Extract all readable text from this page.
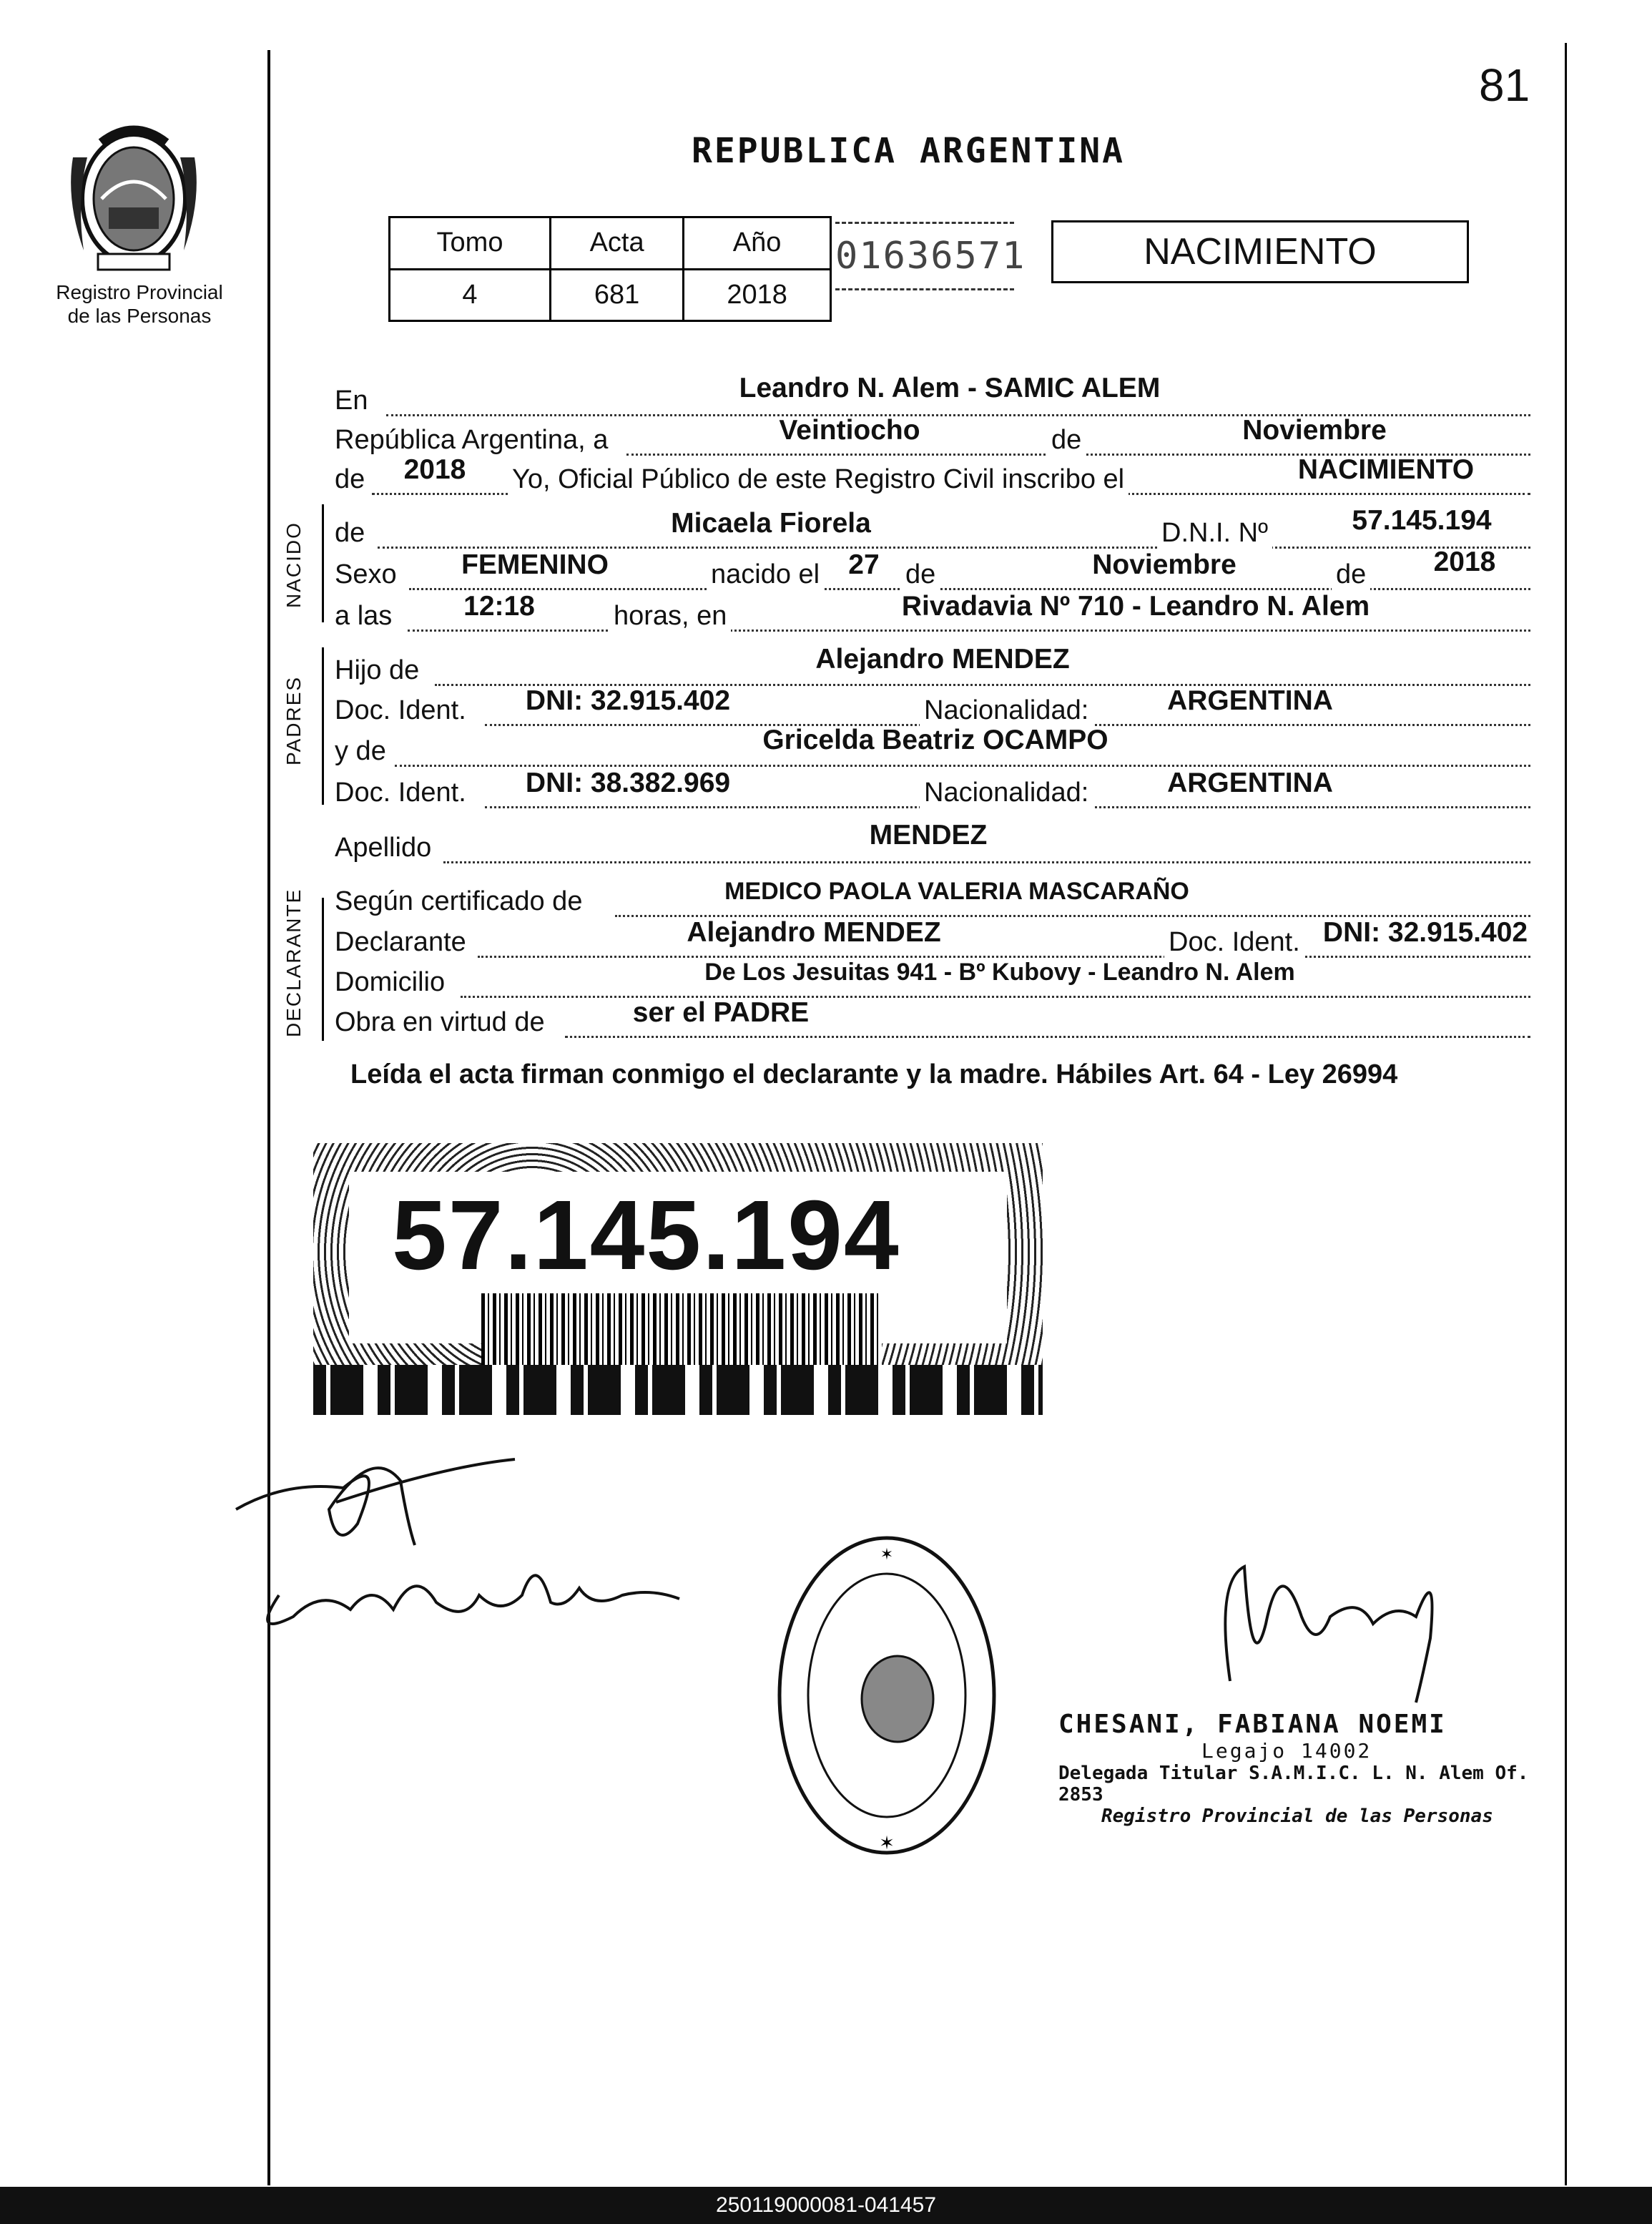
81
Registro Provincial
de las Personas
REPUBLICA ARGENTINA
Tomo	Acta	Año
4	681	2018
01636571	NACIMIENTO
NACIDO
PADRES
DECLARANTE
En	Leandro N. Alem - SAMIC ALEM
República Argentina, a	Veintiocho	de	Noviembre
de	2018	Yo, Oficial Público de este Registro Civil inscribo el	NACIMIENTO
de	Micaela Fiorela	D.N.I. Nº	57.145.194
Sexo	FEMENINO	nacido el	27 de	Noviembre	de	2018
a las	12:18	horas, en	Rivadavia Nº 710 - Leandro N. Alem
Hijo de	Alejandro MENDEZ
Doc. Ident.	DNI: 32.915.402	Nacionalidad:	ARGENTINA
y de	Gricelda Beatriz OCAMPO
Doc. Ident.	DNI: 38.382.969	Nacionalidad:	ARGENTINA
Apellido	MENDEZ
Según certificado de	MEDICO PAOLA VALERIA MASCARAÑO
Declarante	Alejandro MENDEZ	Doc. Ident. DNI: 32.915.402
Domicilio	De Los Jesuitas 941 - Bº Kubovy - Leandro N. Alem
Obra en virtud de	ser el PADRE
Leída el acta firman conmigo el declarante y la madre. Hábiles Art. 64 - Ley 26994
57.145.194
✶
✶
CHESANI, FABIANA NOEMI
Legajo 14002
Delegada Titular S.A.M.I.C. L. N. Alem Of. 2853
Registro Provincial de las Personas
250119000081-041457
